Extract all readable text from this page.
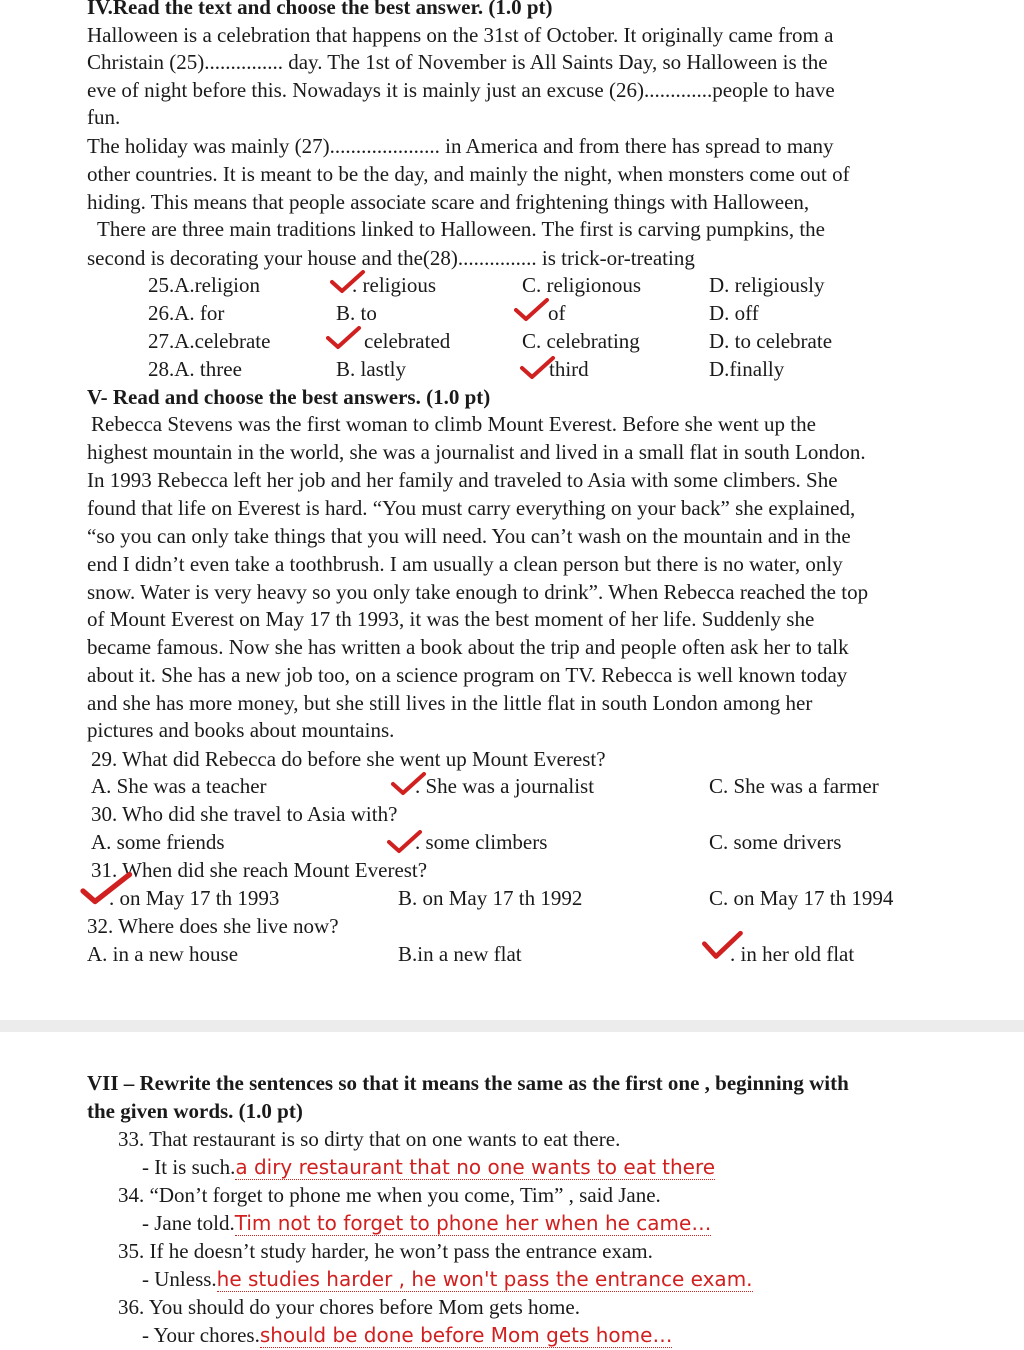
IV.Read the text and choose the best answer. (1.0 pt)
Halloween is a celebration that happens on the 31st of October. It originally came from a
Christain (25)............... day. The 1st of November is All Saints Day, so Halloween is the
eve of night before this. Nowadays it is mainly just an excuse (26).............people to have
fun.
The holiday was mainly (27)..................... in America and from there has spread to many
other countries. It is meant to be the day, and mainly the night, when monsters come out of
hiding. This means that people associate scare and frightening things with Halloween,
There are three main traditions linked to Halloween. The first is carving pumpkins, the
second is decorating your house and the(28)............... is trick-or-treating
25.A.religion	. religious	C. religionous	D. religiously
26.A. for	B. to	of	D. off
27.A.celebrate	celebrated	C. celebrating	D. to celebrate
28.A. three	B. lastly	third	D.finally
V- Read and choose the best answers. (1.0 pt)
Rebecca Stevens was the first woman to climb Mount Everest. Before she went up the
highest mountain in the world, she was a journalist and lived in a small flat in south London.
In 1993 Rebecca left her job and her family and traveled to Asia with some climbers. She
found that life on Everest is hard. “You must carry everything on your back” she explained,
“so you can only take things that you will need. You can’t wash on the mountain and in the
end I didn’t even take a toothbrush. I am usually a clean person but there is no water, only
snow. Water is very heavy so you only take enough to drink”. When Rebecca reached the top
of Mount Everest on May 17 th 1993, it was the best moment of her life. Suddenly she
became famous. Now she has written a book about the trip and people often ask her to talk
about it. She has a new job too, on a science program on TV. Rebecca is well known today
and she has more money, but she still lives in the little flat in south London among her
pictures and books about mountains.
29. What did Rebecca do before she went up Mount Everest?
A. She was a teacher	. She was a journalist	C. She was a farmer
30. Who did she travel to Asia with?
A. some friends	. some climbers	C. some drivers
31. When did she reach Mount Everest?
. on May 17 th 1993	B. on May 17 th 1992	C. on May 17 th 1994
32. Where does she live now?
A. in a new house	B.in a new flat	. in her old flat
VII – Rewrite the sentences so that it means the same as the first one , beginning with
the given words. (1.0 pt)
33. That restaurant is so dirty that on one wants to eat there.
- It is such.a diry restaurant that no one wants to eat there
34. “Don’t forget to phone me when you come, Tim” , said Jane.
- Jane told.Tim not to forget to phone her when he came…
35. If he doesn’t study harder, he won’t pass the entrance exam.
- Unless.he studies harder , he won't pass the entrance exam.
36. You should do your chores before Mom gets home.
- Your chores.should be done before Mom gets home…
